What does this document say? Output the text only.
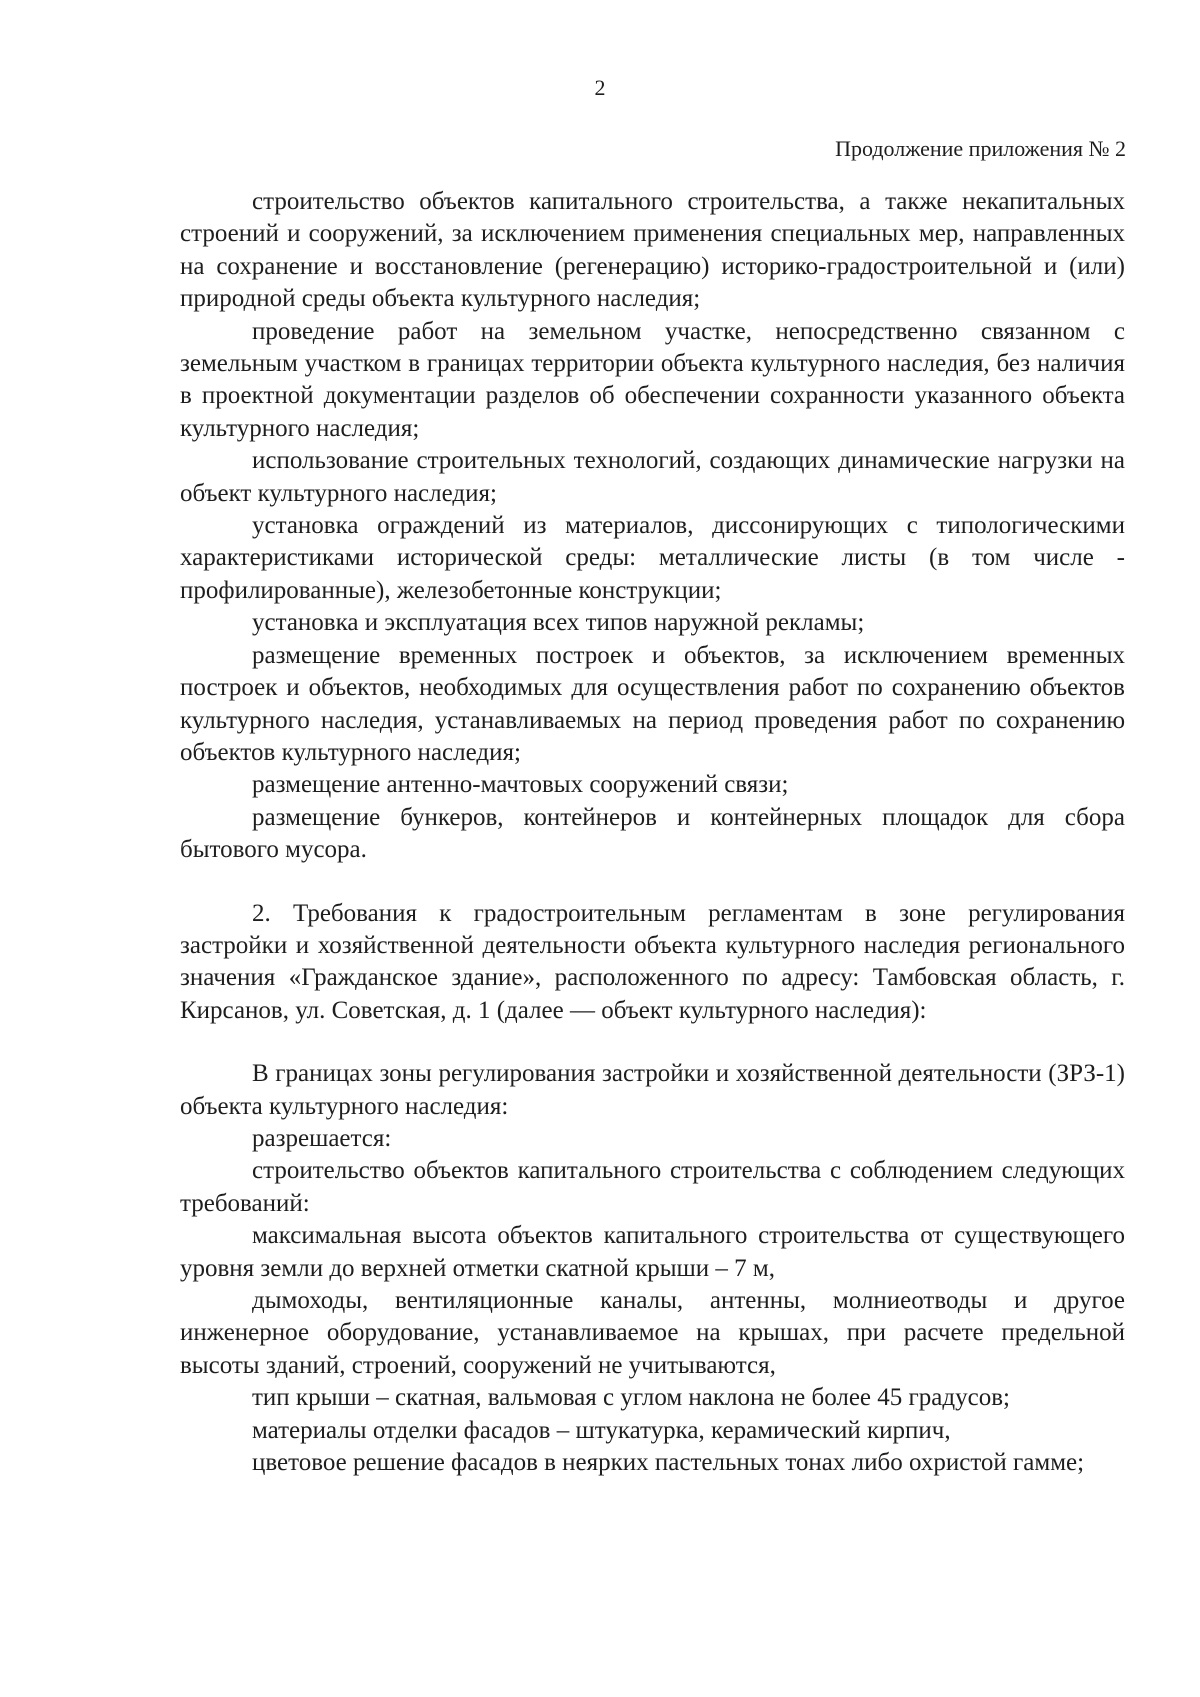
2
Продолжение приложения № 2

строительство объектов капитального строительства, а также некапитальных строений и сооружений, за исключением применения специальных мер, направленных на сохранение и восстановление (регенерацию) историко-градостроительной и (или) природной среды объекта культурного наследия;

проведение работ на земельном участке, непосредственно связанном с земельным участком в границах территории объекта культурного наследия, без наличия в проектной документации разделов об обеспечении сохранности указанного объекта культурного наследия;

использование строительных технологий, создающих динамические нагрузки на объект культурного наследия;

установка ограждений из материалов, диссонирующих с типологическими характеристиками исторической среды: металлические листы (в том числе - профилированные), железобетонные конструкции;

установка и эксплуатация всех типов наружной рекламы;

размещение временных построек и объектов, за исключением временных построек и объектов, необходимых для осуществления работ по сохранению объектов культурного наследия, устанавливаемых на период проведения работ по сохранению объектов культурного наследия;

размещение антенно-мачтовых сооружений связи;

размещение бункеров, контейнеров и контейнерных площадок для сбора бытового мусора.

2. Требования к градостроительным регламентам в зоне регулирования застройки и хозяйственной деятельности объекта культурного наследия регионального значения «Гражданское здание», расположенного по адресу: Тамбовская область, г. Кирсанов, ул. Советская, д. 1 (далее — объект культурного наследия):

В границах зоны регулирования застройки и хозяйственной деятельности (ЗРЗ-1) объекта культурного наследия:

разрешается:

строительство объектов капитального строительства с соблюдением следующих требований:

максимальная высота объектов капитального строительства от существующего уровня земли до верхней отметки скатной крыши – 7 м,

дымоходы, вентиляционные каналы, антенны, молниеотводы и другое инженерное оборудование, устанавливаемое на крышах, при расчете предельной высоты зданий, строений, сооружений не учитываются,

тип крыши – скатная, вальмовая с углом наклона не более 45 градусов;

материалы отделки фасадов – штукатурка, керамический кирпич,

цветовое решение фасадов в неярких пастельных тонах либо охристой гамме;
